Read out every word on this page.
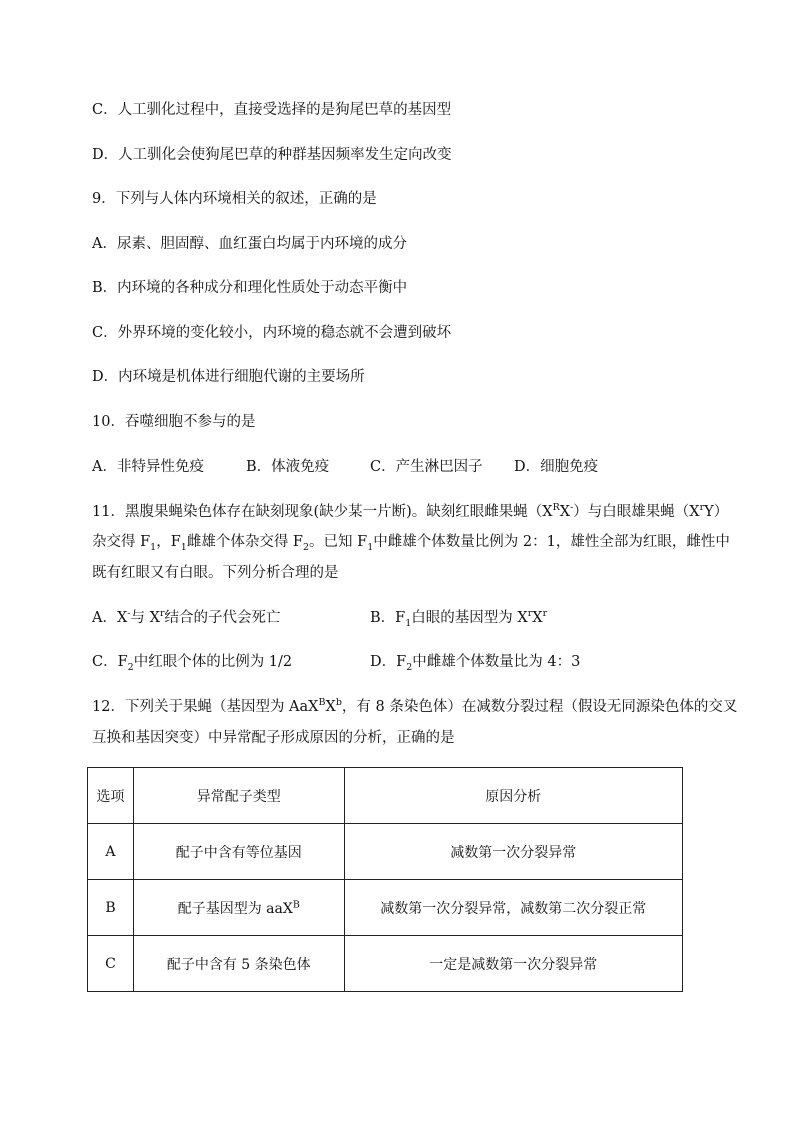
C．人工驯化过程中，直接受选择的是狗尾巴草的基因型
D．人工驯化会使狗尾巴草的种群基因频率发生定向改变
9．下列与人体内环境相关的叙述，正确的是
A．尿素、胆固醇、血红蛋白均属于内环境的成分
B．内环境的各种成分和理化性质处于动态平衡中
C．外界环境的变化较小，内环境的稳态就不会遭到破坏
D．内环境是机体进行细胞代谢的主要场所
10．吞噬细胞不参与的是
A．非特异性免疫	B．体液免疫	C．产生淋巴因子 D．细胞免疫
11．黑腹果蝇染色体存在缺刻现象(缺少某一片断)。缺刻红眼雌果蝇$(X^RX^-)$与白眼雄果蝇$(X^rY)$
杂交得 $F_1$，$F_1$雌雄个体杂交得 $F_2$。已知 $F_1$中雌雄个体数量比例为 2：1，雄性全部为红眼，雌性中
既有红眼又有白眼。下列分析合理的是
A．X-与 $X^r$结合的子代会死亡	B．$F_1$白眼的基因型为 $X^rX^r$
C．$F_2$中红眼个体的比例为 1/2	D．$F_2$中雌雄个体数量比为 4：3
12．下列关于果蝇（基因型为 $AaX^BX^b$，有 8 条染色体）在减数分裂过程（假设无同源染色体的交叉
互换和基因突变）中异常配子形成原因的分析，正确的是
选项	异常配子类型	原因分析
A	配子中含有等位基因	减数第一次分裂异常
B	配子基因型为 aaX$^B$	减数第一次分裂异常，减数第二次分裂正常
C	配子中含有 5 条染色体	一定是减数第一次分裂异常
